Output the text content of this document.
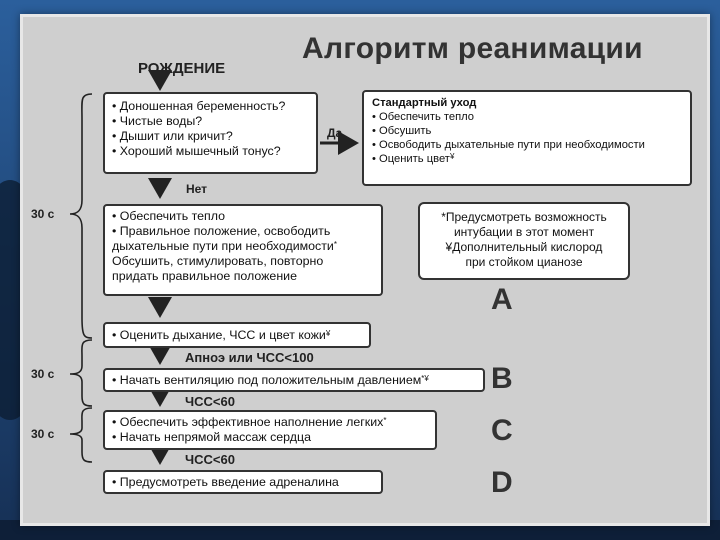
Алгоритм реанимации
РОЖДЕНИЕ
• Доношенная беременность?
• Чистые воды?
• Дышит или кричит?
• Хороший мышечный тонус?
Да
Нет
Стандартный уход
• Обеспечить тепло
• Обсушить
• Освободить дыхательные пути при необходимости
• Оценить цвет¥
• Обеспечить тепло
• Правильное положение, освободить
дыхательные пути при необходимости*
Обсушить, стимулировать, повторно
придать правильное положение
*Предусмотреть возможность
интубации в этот момент
¥Дополнительный кислород
при стойком цианозе
• Оценить дыхание, ЧСС и цвет кожи¥
Апноэ или ЧСС<100
• Начать вентиляцию под положительным давлением*¥
ЧСС<60
• Обеспечить эффективное наполнение легких*
• Начать непрямой массаж сердца
ЧСС<60
• Предусмотреть введение адреналина
A
B
C
D
30 с
30 с
30 с
